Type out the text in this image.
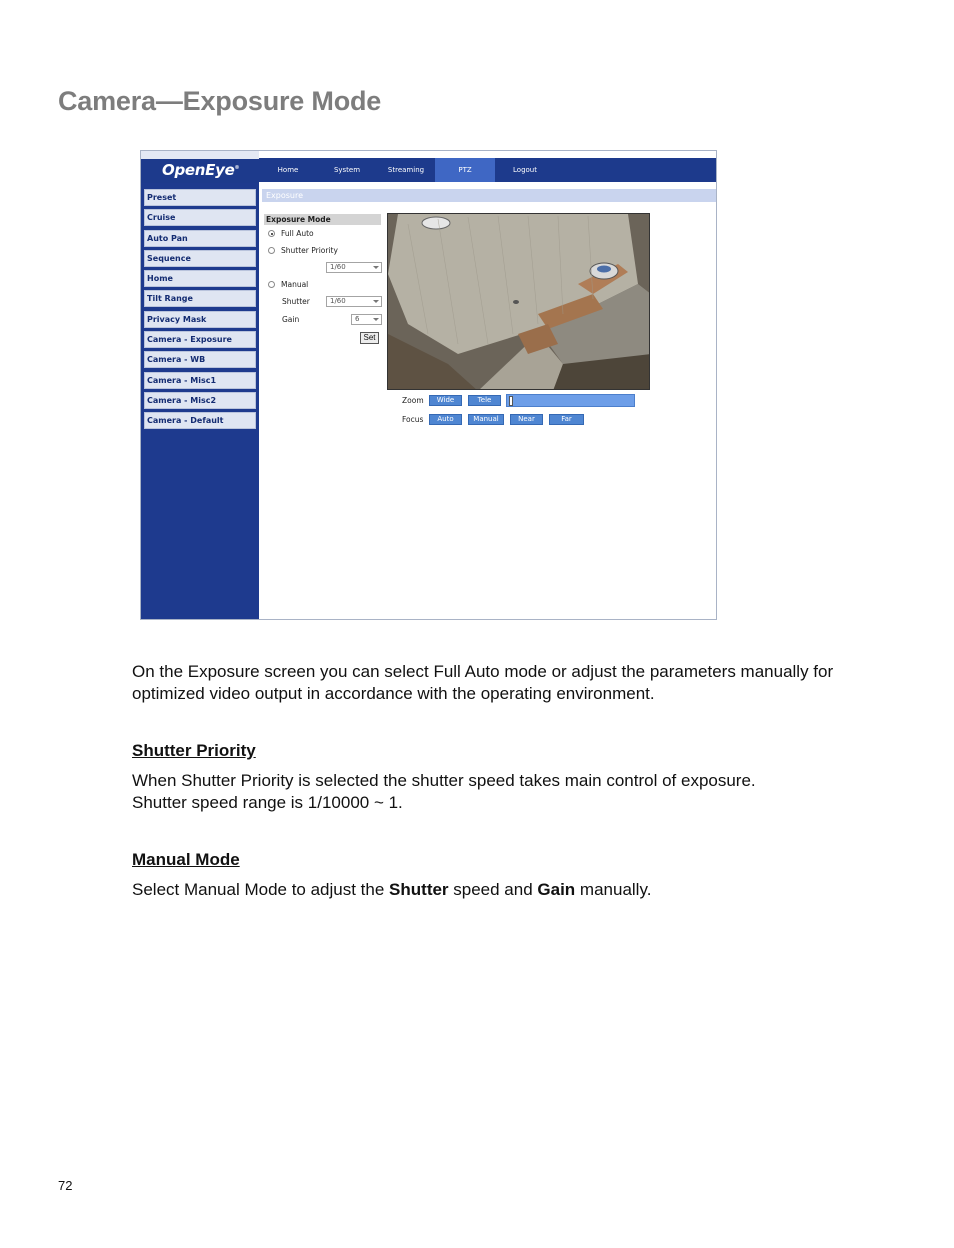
Camera—Exposure Mode
OpenEye®
Preset
Cruise
Auto Pan
Sequence
Home
Tilt Range
Privacy Mask
Camera - Exposure
Camera - WB
Camera - Misc1
Camera - Misc2
Camera - Default
Home	System	Streaming	PTZ	Logout
Exposure
Exposure Mode
Full Auto
Shutter Priority
1/60
Manual
Shutter	1/60
Gain	6
Set
Zoom	Wide	Tele
Focus	Auto	Manual	Near	Far

On the Exposure screen you can select Full Auto mode or adjust the parameters manually for optimized video output in accordance with the operating environment.

Shutter Priority

When Shutter Priority is selected the shutter speed takes main control of exposure.
Shutter speed range is 1/10000 ~ 1.

Manual Mode

Select Manual Mode to adjust the Shutter speed and Gain manually.

72
